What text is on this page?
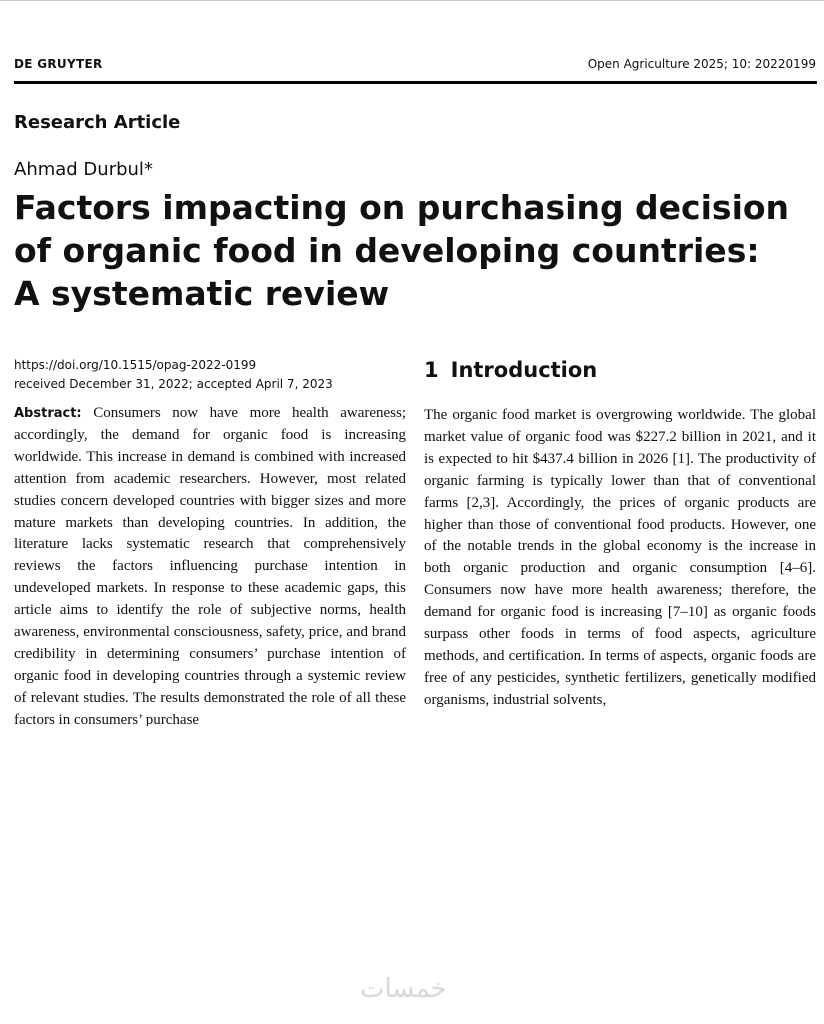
DE GRUYTER	Open Agriculture 2025; 10: 20220199
Research Article
Ahmad Durbul*
Factors impacting on purchasing decision
of organic food in developing countries:
A systematic review
https://doi.org/10.1515/opag-2022-0199
received December 31, 2022; accepted April 7, 2023
Abstract: Consumers now have more health awareness; accordingly, the demand for organic food is increasing worldwide. This increase in demand is combined with increased attention from academic researchers. However, most related studies concern developed countries with bigger sizes and more mature markets than developing countries. In addition, the literature lacks systematic research that comprehensively reviews the factors influencing purchase intention in undeveloped markets. In response to these academic gaps, this article aims to identify the role of subjective norms, health awareness, environmental consciousness, safety, price, and brand credibility in determining consumers’ purchase intention of organic food in developing countries through a systemic review of relevant studies. The results demonstrated the role of all these factors in consumers’ purchase
1 Introduction
The organic food market is overgrowing worldwide. The global market value of organic food was $227.2 billion in 2021, and it is expected to hit $437.4 billion in 2026 [1]. The productivity of organic farming is typically lower than that of conventional farms [2,3]. Accordingly, the prices of organic products are higher than those of conventional food products. However, one of the notable trends in the global economy is the increase in both organic production and organic consumption [4–6]. Consumers now have more health awareness; therefore, the demand for organic food is increasing [7–10] as organic foods surpass other foods in terms of food aspects, agriculture methods, and certification. In terms of aspects, organic foods are free of any pesticides, synthetic fertilizers, genetically modified organisms, industrial solvents,
خمسات
